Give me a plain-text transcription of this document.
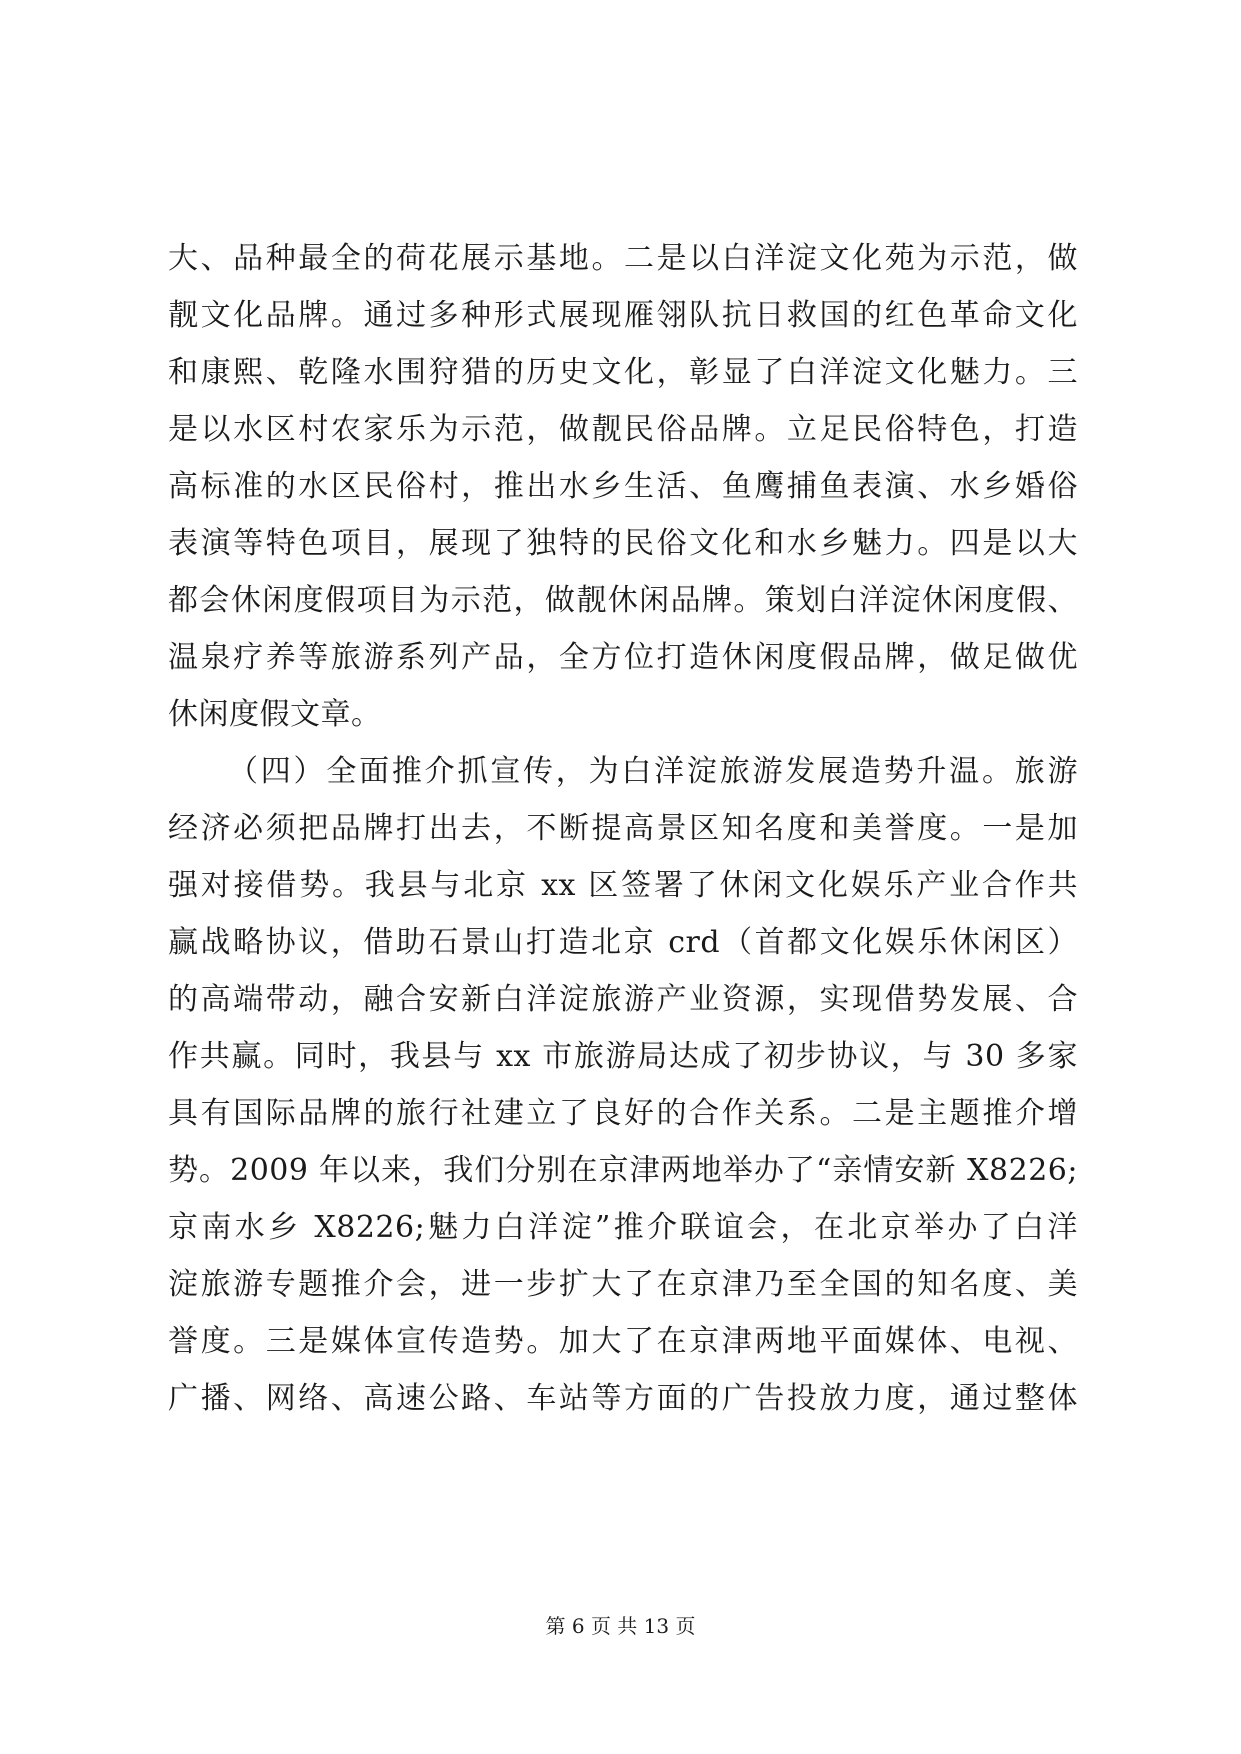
大、品种最全的荷花展示基地。二是以白洋淀文化苑为示范，做
靓文化品牌。通过多种形式展现雁翎队抗日救国的红色革命文化
和康熙、乾隆水围狩猎的历史文化，彰显了白洋淀文化魅力。三
是以水区村农家乐为示范，做靓民俗品牌。立足民俗特色，打造
高标准的水区民俗村，推出水乡生活、鱼鹰捕鱼表演、水乡婚俗
表演等特色项目，展现了独特的民俗文化和水乡魅力。四是以大
都会休闲度假项目为示范，做靓休闲品牌。策划白洋淀休闲度假、
温泉疗养等旅游系列产品，全方位打造休闲度假品牌，做足做优
休闲度假文章。
（四）全面推介抓宣传，为白洋淀旅游发展造势升温。旅游
经济必须把品牌打出去，不断提高景区知名度和美誉度。一是加
强对接借势。我县与北京 xx 区签署了休闲文化娱乐产业合作共
赢战略协议，借助石景山打造北京 crd（首都文化娱乐休闲区）
的高端带动，融合安新白洋淀旅游产业资源，实现借势发展、合
作共赢。同时，我县与 xx 市旅游局达成了初步协议，与 30 多家
具有国际品牌的旅行社建立了良好的合作关系。二是主题推介增
势。2009 年以来，我们分别在京津两地举办了“亲情安新 X8226;
京南水乡 X8226;魅力白洋淀”推介联谊会，在北京举办了白洋
淀旅游专题推介会，进一步扩大了在京津乃至全国的知名度、美
誉度。三是媒体宣传造势。加大了在京津两地平面媒体、电视、
广播、网络、高速公路、车站等方面的广告投放力度，通过整体
第 6 页 共 13 页
